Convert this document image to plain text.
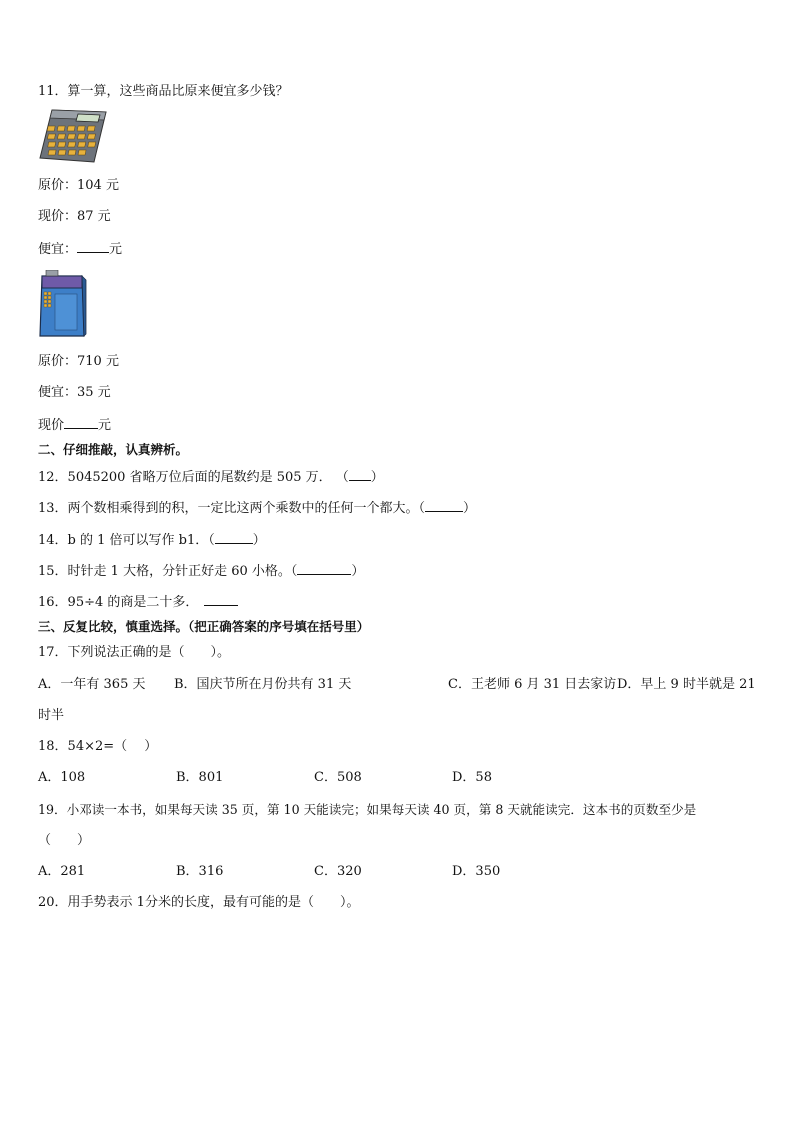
11．算一算，这些商品比原来便宜多少钱？
原价：104 元
现价：87 元
便宜： 元
原价：710 元
便宜：35 元
现价	元
二、仔细推敲，认真辨析。
12．5045200 省略万位后面的尾数约是 505 万． （ ）
13．两个数相乘得到的积，一定比这两个乘数中的任何一个都大。（	）
14．b 的 1 倍可以写作 b1．（	）
15．时针走 1 大格，分针正好走 60 小格。（	）
16．95÷4 的商是二十多．
三、反复比较，慎重选择。（把正确答案的序号填在括号里）
17．下列说法正确的是（　　）。
A．一年有 365 天 B．国庆节所在月份共有 31 天	C．王老师 6 月 31 日去家访 D．早上 9 时半就是 21
时半
18．54×2=（　 ）
A．108	B．801	C．508	D．58
19．小邓读一本书，如果每天读 35 页，第 10 天能读完；如果每天读 40 页，第 8 天就能读完．这本书的页数至少是
（　　）
A．281	B．316	C．320	D．350
20．用手势表示 1分米的长度，最有可能的是（　　）。
